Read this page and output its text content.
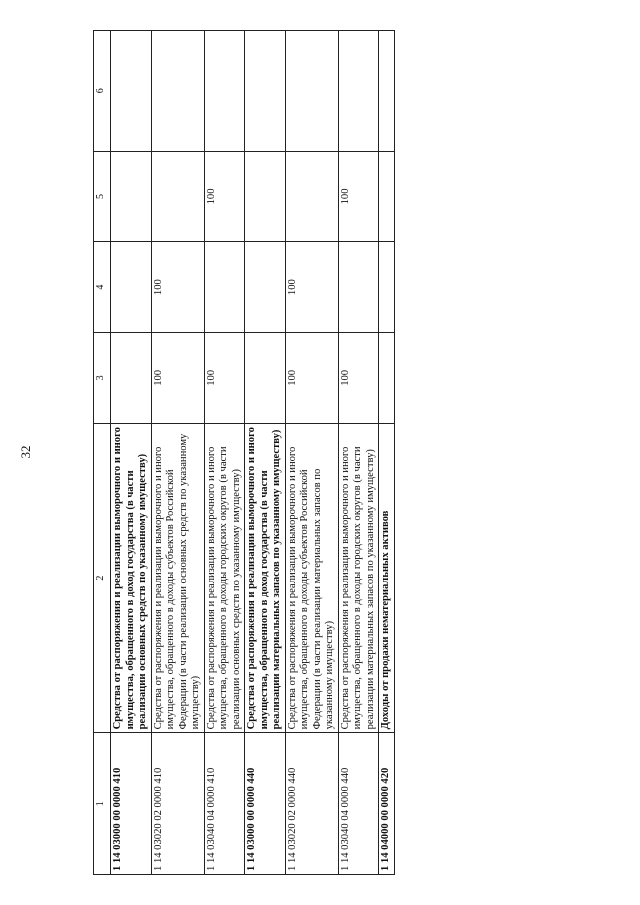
32
1	2	3	4	5	6
1 14 03000 00 0000 410	Средства от распоряжения и реализации выморочного и иного имущества, обращенного в доход государства (в части реализации основных средств по указанному имуществу)				
1 14 03020 02 0000 410	Средства от распоряжения и реализации выморочного и иного имущества, обращенного в доходы субъектов Российской Федерации (в части реализации основных средств по указанному имуществу)	100	100		
1 14 03040 04 0000 410	Средства от распоряжения и реализации выморочного и иного имущества, обращенного в доходы городских округов (в части реализации основных средств по указанному имуществу)	100		100	
1 14 03000 00 0000 440	Средства от распоряжения и реализации выморочного и иного имущества, обращенного в доход государства (в части реализации материальных запасов по указанному имуществу)				
1 14 03020 02 0000 440	Средства от распоряжения и реализации выморочного и иного имущества, обращенного в доходы субъектов Российской Федерации (в части реализации материальных запасов по указанному имуществу)	100	100		
1 14 03040 04 0000 440	Средства от распоряжения и реализации выморочного и иного имущества, обращенного в доходы городских округов (в части реализации материальных запасов по указанному имуществу)	100		100	
1 14 04000 00 0000 420	Доходы от продажи нематериальных активов				
